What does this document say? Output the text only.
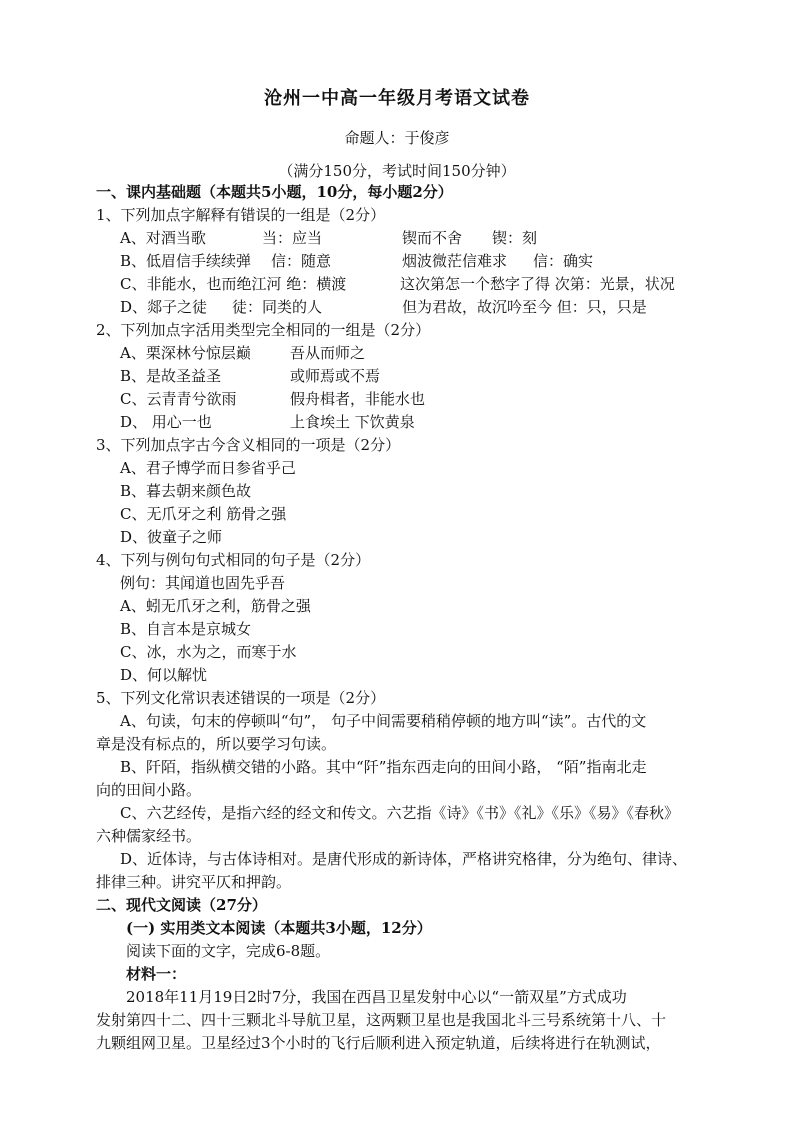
沧州一中高一年级月考语文试卷
命题人：于俊彦
（满分150分，考试时间150分钟）
一、课内基础题（本题共5小题，10分，每小题2分）
1、下列加点字解释有错误的一组是（2分）
A、对酒当歌	当：应当	锲而不舍 锲：刻
B、低眉信手续续弹 信：随意	烟波微茫信难求 信：确实
C、非能水，也而绝江河 绝：横渡	这次第怎一个愁字了得 次第：光景，状况
D、郯子之徒 徒：同类的人	但为君故，故沉吟至今 但：只，只是
2、下列加点字活用类型完全相同的一组是（2分）
A、栗深林兮惊层巅	吾从而师之
B、是故圣益圣	或师焉或不焉
C、云青青兮欲雨	假舟楫者，非能水也
D、 用心一也	上食埃土 下饮黄泉
3、下列加点字古今含义相同的一项是（2分）
A、君子博学而日参省乎己
B、暮去朝来颜色故
C、无爪牙之利 筋骨之强
D、彼童子之师
4、下列与例句句式相同的句子是（2分）
例句：其闻道也固先乎吾
A、蚓无爪牙之利，筋骨之强
B、自言本是京城女
C、冰，水为之，而寒于水
D、何以解忧
5、下列文化常识表述错误的一项是（2分）
A、句读，句末的停顿叫“句”， 句子中间需要稍稍停顿的地方叫“读”。古代的文
章是没有标点的，所以要学习句读。
B、阡陌，指纵横交错的小路。其中“阡”指东西走向的田间小路， “陌”指南北走
向的田间小路。
C、六艺经传，是指六经的经文和传文。六艺指《诗》《书》《礼》《乐》《易》《春秋》
六种儒家经书。
D、近体诗，与古体诗相对。是唐代形成的新诗体，严格讲究格律，分为绝句、律诗、
排律三种。讲究平仄和押韵。
二、现代文阅读（27分）
(一) 实用类文本阅读（本题共3小题，12分）
阅读下面的文字，完成6-8题。
材料一：
2018年11月19日2时7分，我国在西昌卫星发射中心以“一箭双星”方式成功
发射第四十二、四十三颗北斗导航卫星，这两颗卫星也是我国北斗三号系统第十八、十
九颗组网卫星。卫星经过3个小时的飞行后顺利进入预定轨道，后续将进行在轨测试，
